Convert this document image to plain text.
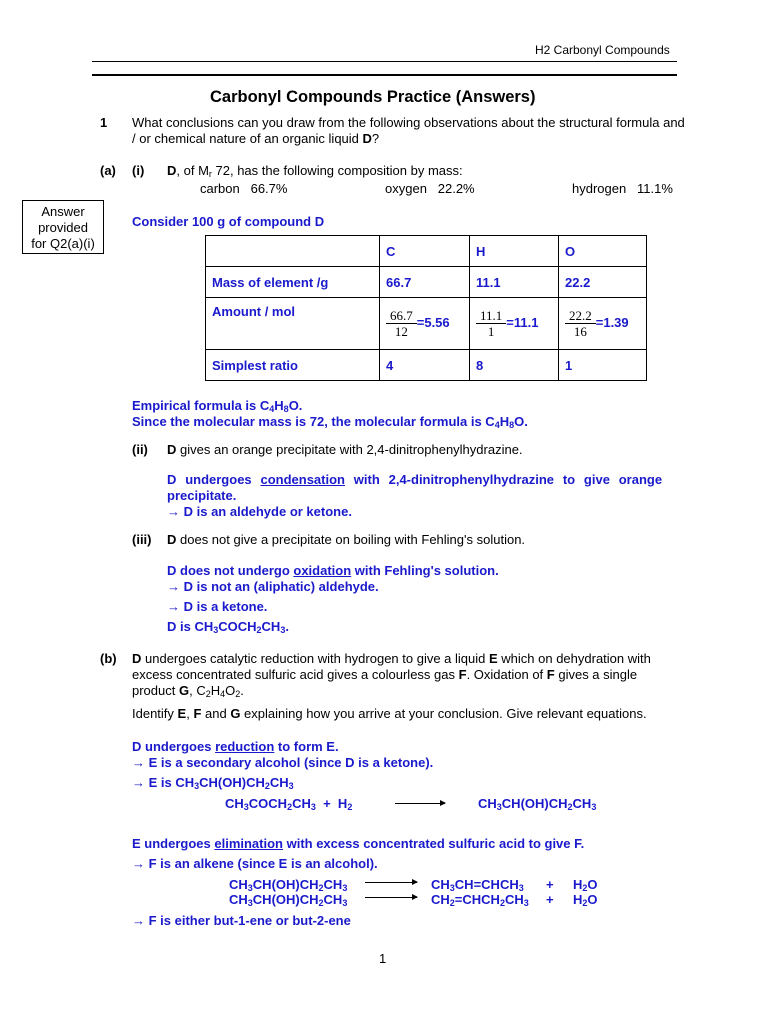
H2 Carbonyl Compounds
Carbonyl Compounds Practice (Answers)
1 What conclusions can you draw from the following observations about the structural formula and
/ or chemical nature of an organic liquid D?
(a) (i) D, of $M_r$ 72, has the following composition by mass:
carbon   66.7%	oxygen   22.2%	hydrogen   11.1%
Answer
provided
for Q2(a)(i)
Consider 100 g of compound D
	C	H	O
Mass of element /g	66.7	11.1	22.2
Amount / mol	$\frac{66.7}{12} =5.56$	$\frac{11.1}{1} =11.1$	$\frac{22.2}{16} =1.39$
Simplest ratio	4	8	1
Empirical formula is $C_4H_8O$.
Since the molecular mass is 72, the molecular formula is $C_4H_8O$.
(ii) D gives an orange precipitate with 2,4-dinitrophenylhydrazine.
D undergoes condensation with 2,4-dinitrophenylhydrazine to give orange
precipitate.
→ D is an aldehyde or ketone.
(iii) D does not give a precipitate on boiling with Fehling's solution.
D does not undergo oxidation with Fehling's solution.
→ D is not an (aliphatic) aldehyde.
→ D is a ketone.
D is $CH_3COCH_2CH_3$.
(b) D undergoes catalytic reduction with hydrogen to give a liquid E which on dehydration with
excess concentrated sulfuric acid gives a colourless gas F. Oxidation of F gives a single
product G, $C_2H_4O_2$.
Identify E, F and G explaining how you arrive at your conclusion. Give relevant equations.
D undergoes reduction to form E.
→ E is a secondary alcohol (since D is a ketone).
→ E is $CH_3CH(OH)CH_2CH_3$
$CH_3COCH_2CH_3 + H_2$	$CH_3CH(OH)CH_2CH_3$
E undergoes elimination with excess concentrated sulfuric acid to give F.
→ F is an alkene (since E is an alcohol).
$CH_3CH(OH)CH_2CH_3$ → $CH_3CH=CHCH_3 + H_2O$
$CH_3CH(OH)CH_2CH_3$ → $CH_2=CHCH_2CH_3 + H_2O$
→ F is either but-1-ene or but-2-ene
1
